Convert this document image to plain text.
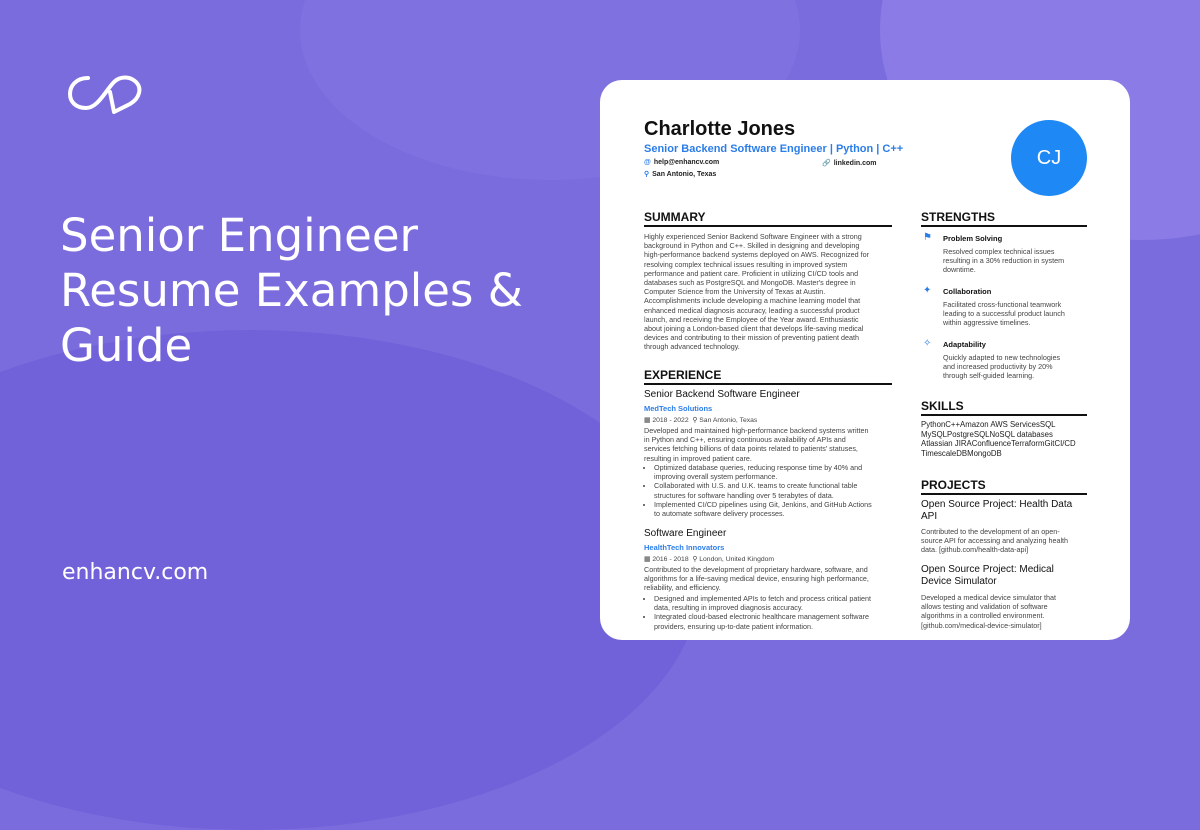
Senior Engineer
Resume Examples &
Guide
enhancv.com
Charlotte Jones
Senior Backend Software Engineer | Python | C++
@ help@enhancv.com	🔗 linkedin.com
⚲ San Antonio, Texas
CJ
SUMMARY
Highly experienced Senior Backend Software Engineer with a strong
background in Python and C++. Skilled in designing and developing
high-performance backend systems deployed on AWS. Recognized for
resolving complex technical issues resulting in improved system
performance and patient care. Proficient in utilizing CI/CD tools and
databases such as PostgreSQL and MongoDB. Master's degree in
Computer Science from the University of Texas at Austin.
Accomplishments include developing a machine learning model that
enhanced medical diagnosis accuracy, leading a successful product
launch, and receiving the Employee of the Year award. Enthusiastic
about joining a London-based client that develops life-saving medical
devices and contributing to their mission of preventing patient death
through advanced technology.
EXPERIENCE
Senior Backend Software Engineer
MedTech Solutions
▦ 2018 - 2022  ⚲ San Antonio, Texas
Developed and maintained high-performance backend systems written
in Python and C++, ensuring continuous availability of APIs and
services fetching billions of data points related to patients' statuses,
resulting in improved patient care.
• Optimized database queries, reducing response time by 40% and
improving overall system performance.
• Collaborated with U.S. and U.K. teams to create functional table
structures for software handling over 5 terabytes of data.
• Implemented CI/CD pipelines using Git, Jenkins, and GitHub Actions
to automate software delivery processes.
Software Engineer
HealthTech Innovators
▦ 2016 - 2018  ⚲ London, United Kingdom
Contributed to the development of proprietary hardware, software, and
algorithms for a life-saving medical device, ensuring high performance,
reliability, and efficiency.
• Designed and implemented APIs to fetch and process critical patient
data, resulting in improved diagnosis accuracy.
• Integrated cloud-based electronic healthcare management software
providers, ensuring up-to-date patient information.
STRENGTHS
⚑ Problem Solving
Resolved complex technical issues
resulting in a 30% reduction in system
downtime.
✦ Collaboration
Facilitated cross-functional teamwork
leading to a successful product launch
within aggressive timelines.
✧ Adaptability
Quickly adapted to new technologies
and increased productivity by 20%
through self-guided learning.
SKILLS
PythonC++Amazon AWS ServicesSQL
MySQLPostgreSQLNoSQL databases
Atlassian JIRAConfluenceTerraformGitCI/CD
TimescaleDBMongoDB
PROJECTS
Open Source Project: Health Data
API
Contributed to the development of an open-
source API for accessing and analyzing health
data. [github.com/health-data-api]
Open Source Project: Medical
Device Simulator
Developed a medical device simulator that
allows testing and validation of software
algorithms in a controlled environment.
[github.com/medical-device-simulator]
